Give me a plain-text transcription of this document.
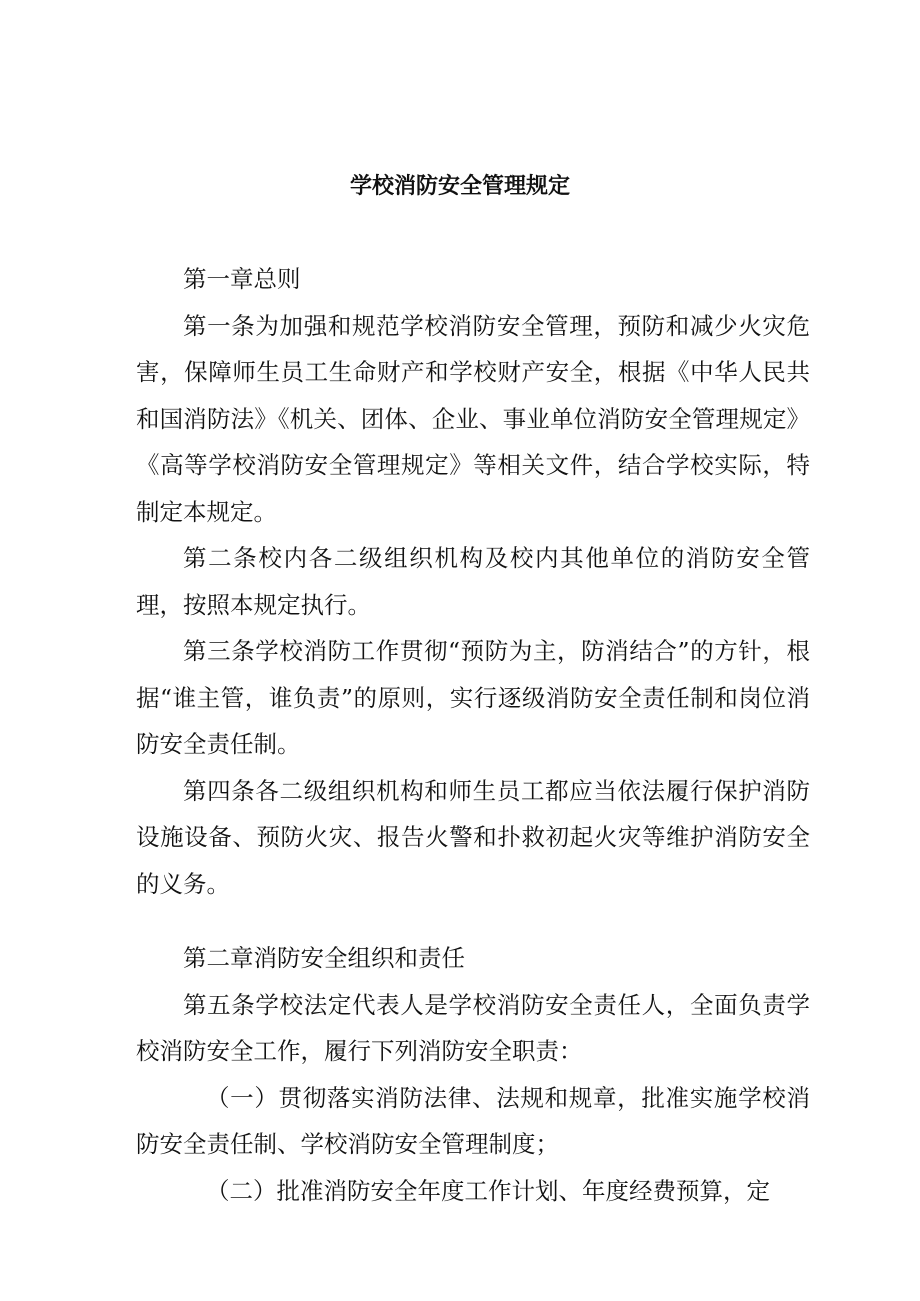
学校消防安全管理规定

第一章总则

第一条为加强和规范学校消防安全管理，预防和减少火灾危害，保障师生员工生命财产和学校财产安全，根据《中华人民共和国消防法》《机关、团体、企业、事业单位消防安全管理规定》《高等学校消防安全管理规定》等相关文件，结合学校实际，特制定本规定。

第二条校内各二级组织机构及校内其他单位的消防安全管理，按照本规定执行。

第三条学校消防工作贯彻“预防为主，防消结合”的方针，根据“谁主管，谁负责”的原则，实行逐级消防安全责任制和岗位消防安全责任制。

第四条各二级组织机构和师生员工都应当依法履行保护消防设施设备、预防火灾、报告火警和扑救初起火灾等维护消防安全的义务。

第二章消防安全组织和责任

第五条学校法定代表人是学校消防安全责任人，全面负责学校消防安全工作，履行下列消防安全职责：

（一）贯彻落实消防法律、法规和规章，批准实施学校消防安全责任制、学校消防安全管理制度；

（二）批准消防安全年度工作计划、年度经费预算，定
